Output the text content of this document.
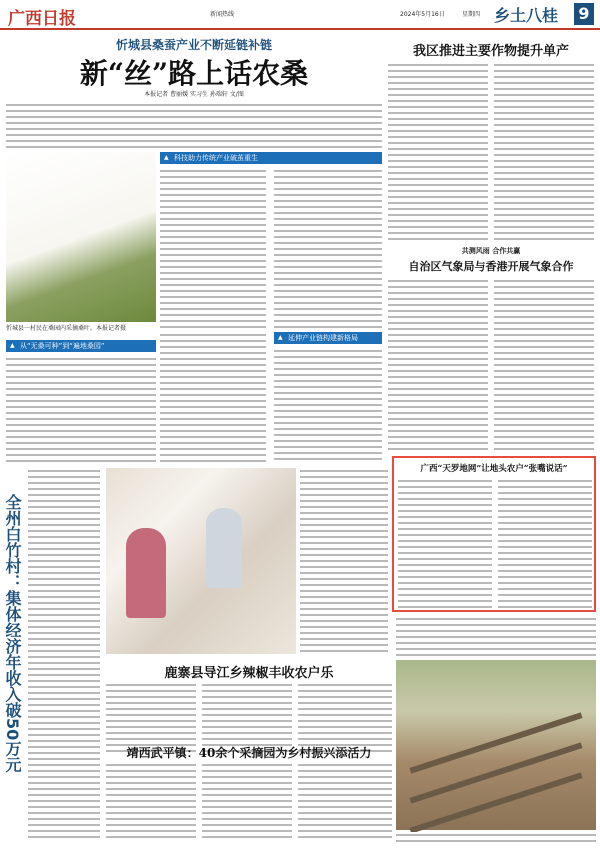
广西日报	新闻热线	2024年5月16日	星期四 乡土八桂 9
忻城县桑蚕产业不断延链补链
新“丝”路上话农桑
本报记者 曹丽媛 实习生 孙瑞轩 文/图
忻城县一村民在桑园内采摘桑叶。本报记者摄
▲ 从“无桑可种”到“遍地桑园”
▲ 科技助力传统产业破茧重生
▲ 延伸产业链构建新格局
我区推进主要作物提升单产
共测风雨 合作共赢
自治区气象局与香港开展气象合作
广西“天罗地网”让地头农户“张嘴说话”
全州白竹村：集体经济年收入破50万元	鹿寨县导江乡辣椒丰收农户乐
靖西武平镇：40余个采摘园为乡村振兴添活力
